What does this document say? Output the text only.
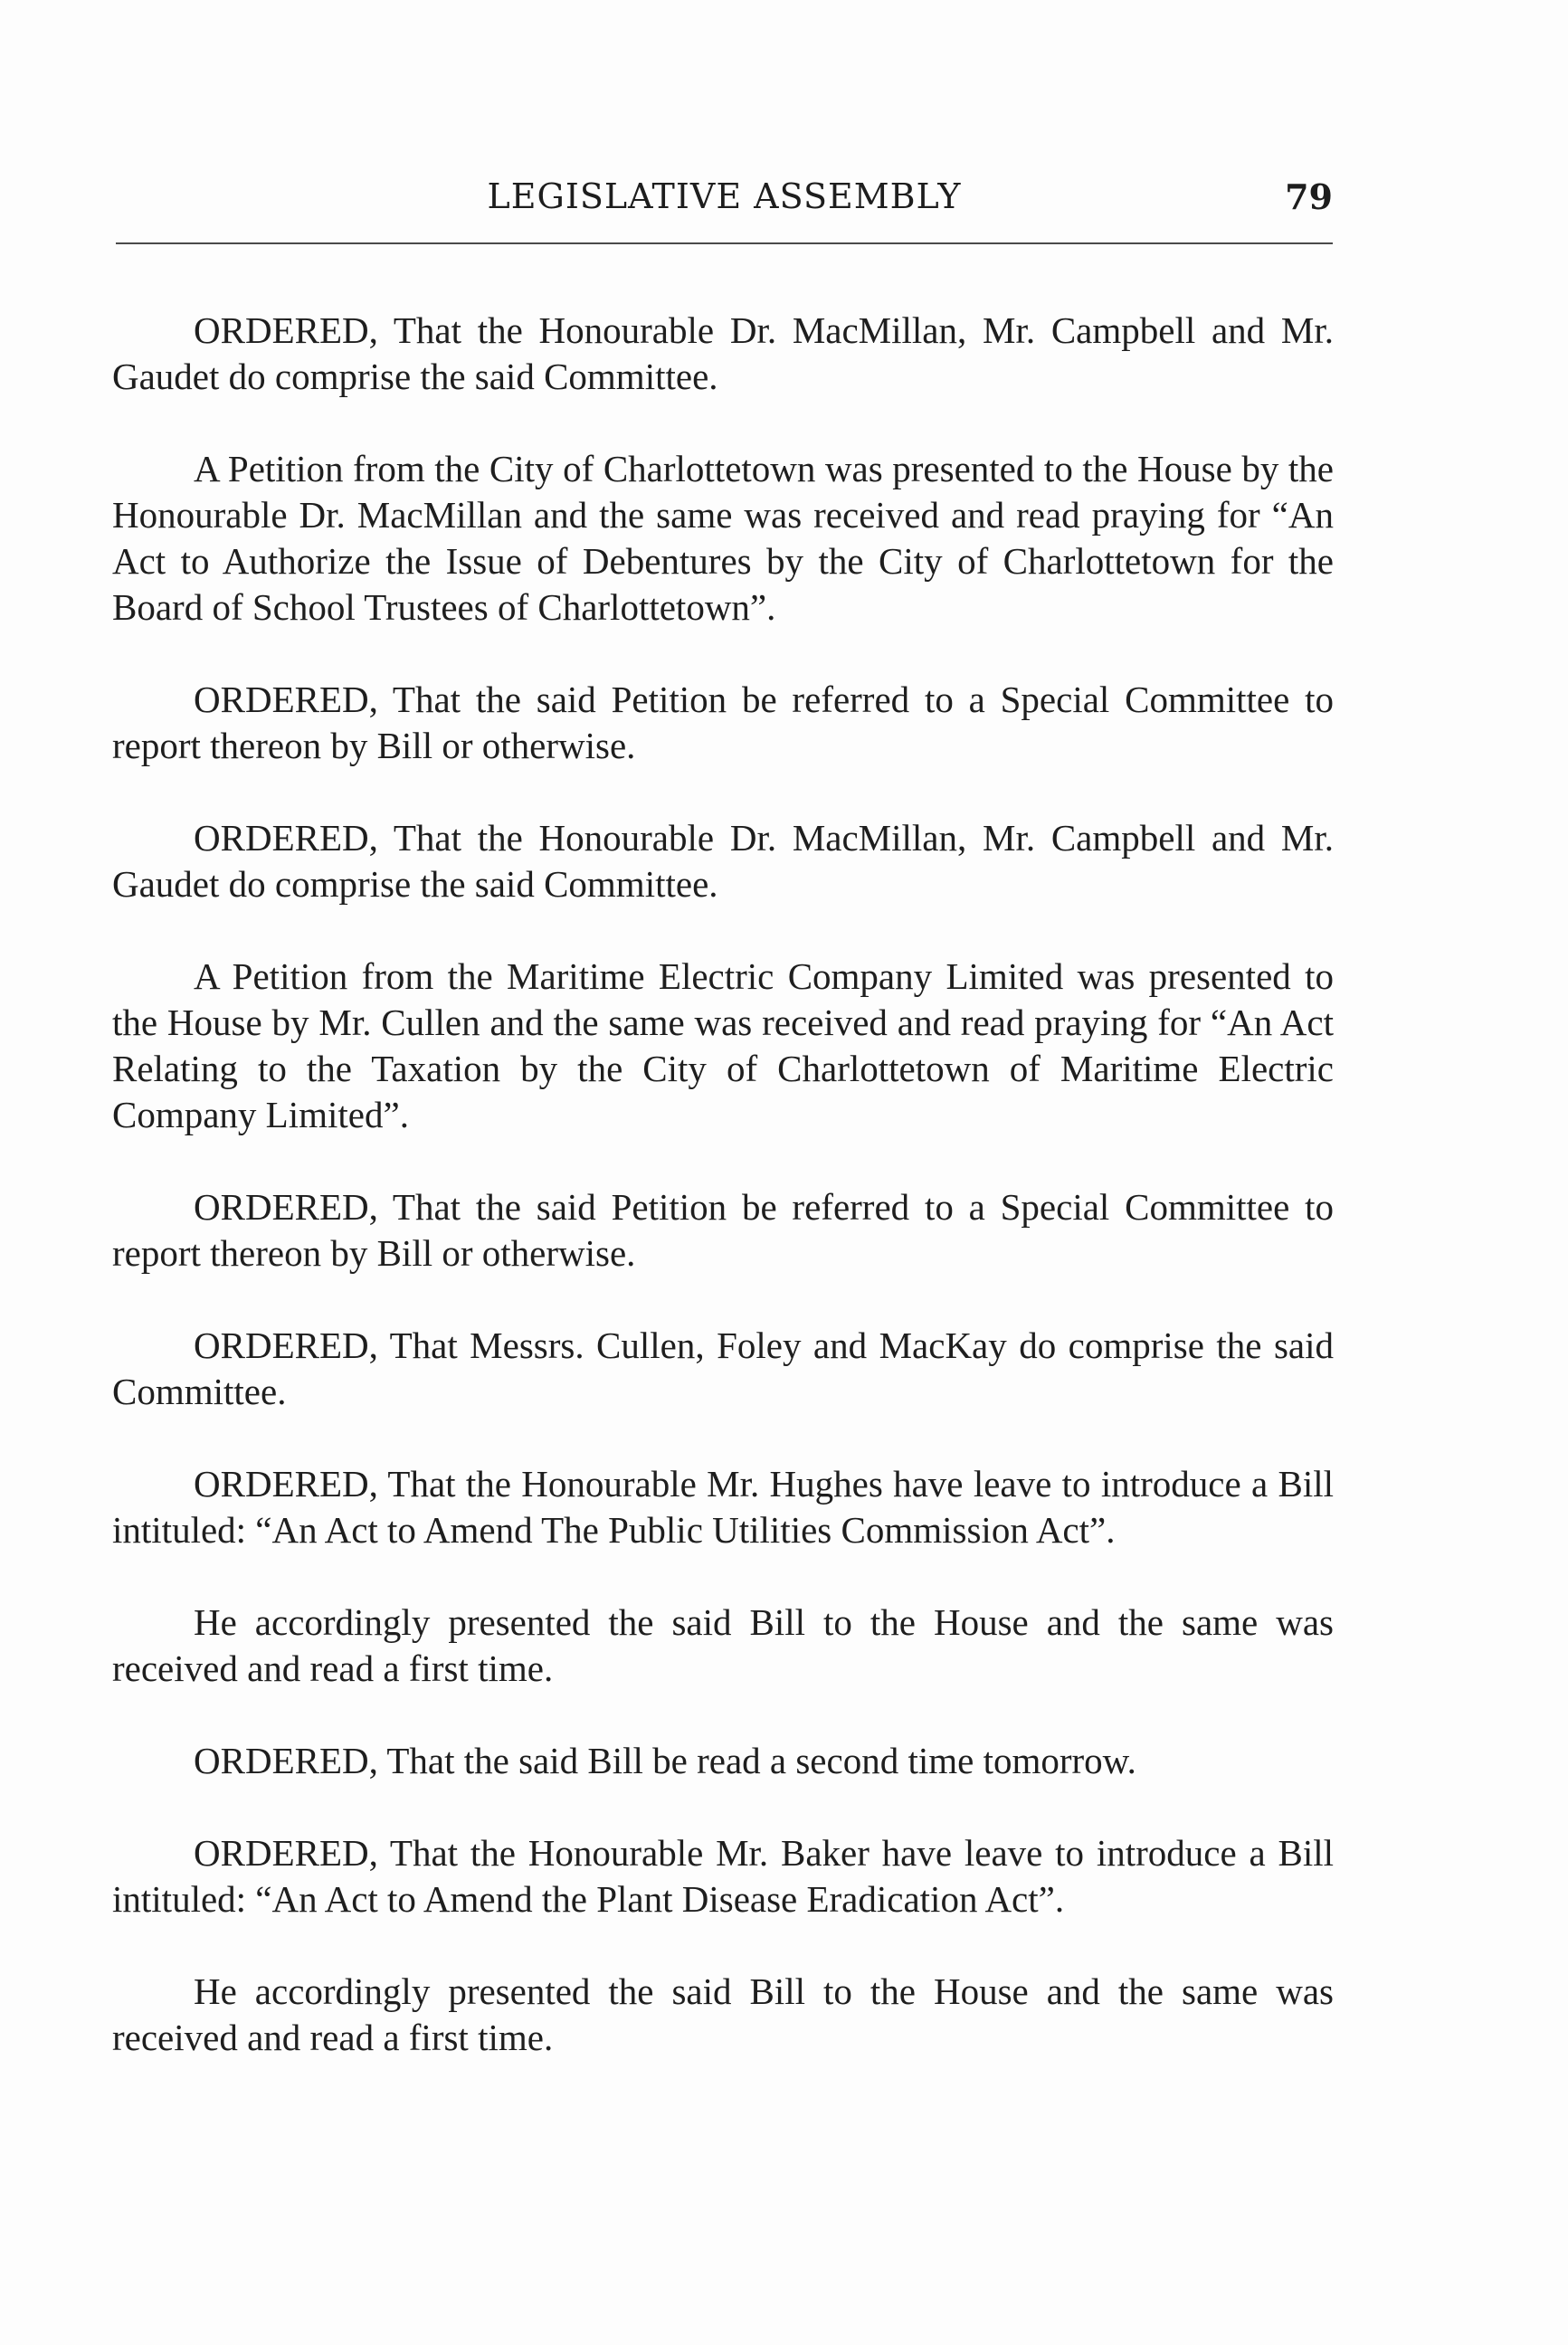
LEGISLATIVE ASSEMBLY	79

ORDERED, That the Honourable Dr. MacMillan, Mr. Campbell and Mr. Gaudet do comprise the said Committee.

A Petition from the City of Charlottetown was presented to the House by the Honourable Dr. MacMillan and the same was received and read praying for “An Act to Authorize the Issue of Debentures by the City of Charlottetown for the Board of School Trustees of Charlottetown”.

ORDERED, That the said Petition be referred to a Special Committee to report thereon by Bill or otherwise.

ORDERED, That the Honourable Dr. MacMillan, Mr. Campbell and Mr. Gaudet do comprise the said Committee.

A Petition from the Maritime Electric Company Limited was presented to the House by Mr. Cullen and the same was received and read praying for “An Act Relating to the Taxation by the City of Charlottetown of Maritime Electric Company Limited”.

ORDERED, That the said Petition be referred to a Special Committee to report thereon by Bill or otherwise.

ORDERED, That Messrs. Cullen, Foley and MacKay do comprise the said Committee.

ORDERED, That the Honourable Mr. Hughes have leave to introduce a Bill intituled: “An Act to Amend The Public Utilities Commission Act”.

He accordingly presented the said Bill to the House and the same was received and read a first time.

ORDERED, That the said Bill be read a second time tomorrow.

ORDERED, That the Honourable Mr. Baker have leave to introduce a Bill intituled: “An Act to Amend the Plant Disease Eradication Act”.

He accordingly presented the said Bill to the House and the same was received and read a first time.
